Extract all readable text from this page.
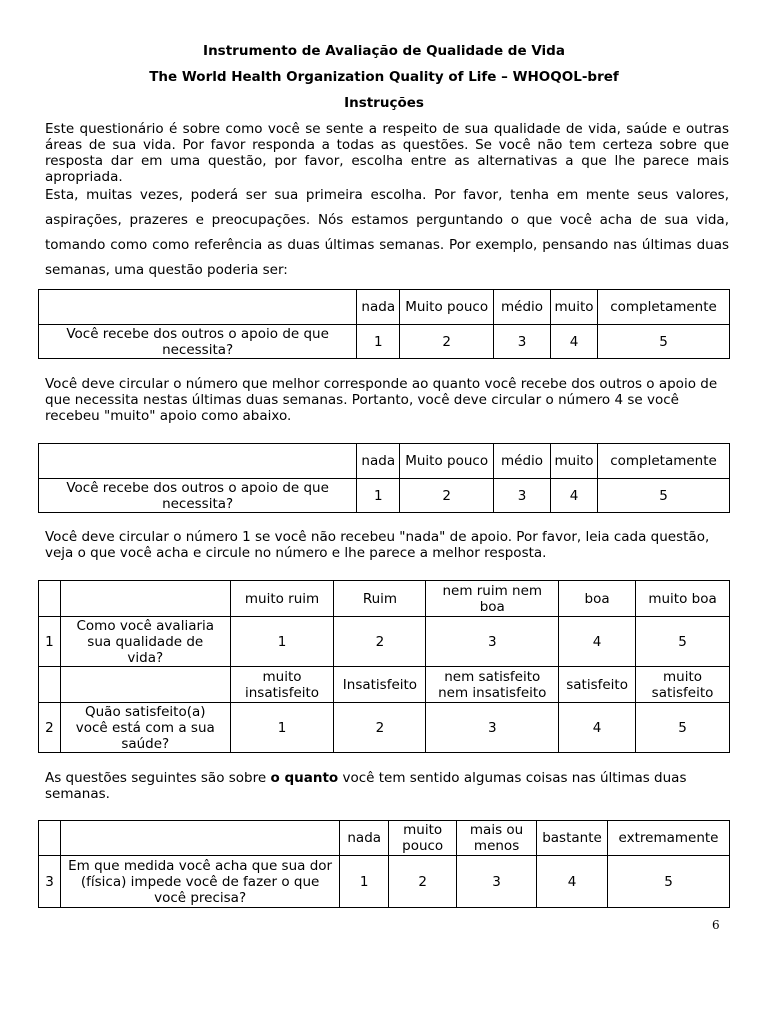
Instrumento de Avaliação de Qualidade de Vida
The World Health Organization Quality of Life – WHOQOL-bref
Instruções
Este questionário é sobre como você se sente a respeito de sua qualidade de vida, saúde e outras áreas de sua vida. Por favor responda a todas as questões. Se você não tem certeza sobre que resposta dar em uma questão, por favor, escolha entre as alternativas a que lhe parece mais apropriada.
Esta, muitas vezes, poderá ser sua primeira escolha. Por favor, tenha em mente seus valores, aspirações, prazeres e preocupações. Nós estamos perguntando o que você acha de sua vida, tomando como como referência as duas últimas semanas. Por exemplo, pensando nas últimas duas semanas, uma questão poderia ser:
	nada	Muito pouco	médio	muito	completamente
Você recebe dos outros o apoio de que necessita?	1	2	3	4	5
Você deve circular o número que melhor corresponde ao quanto você recebe dos outros o apoio de que necessita nestas últimas duas semanas. Portanto, você deve circular o número 4 se você recebeu "muito" apoio como abaixo.
	nada	Muito pouco	médio	muito	completamente
Você recebe dos outros o apoio de que necessita?	1	2	3	4	5
Você deve circular o número 1 se você não recebeu "nada" de apoio. Por favor, leia cada questão, veja o que você acha e circule no número e lhe parece a melhor resposta.
		muito ruim	Ruim	nem ruim nem boa	boa	muito boa
1	Como você avaliaria sua qualidade de vida?	1	2	3	4	5
		muito insatisfeito	Insatisfeito	nem satisfeito nem insatisfeito	satisfeito	muito satisfeito
2	Quão satisfeito(a) você está com a sua saúde?	1	2	3	4	5
As questões seguintes são sobre o quanto você tem sentido algumas coisas nas últimas duas semanas.
		nada	muito pouco	mais ou menos	bastante	extremamente
3	Em que medida você acha que sua dor (física) impede você de fazer o que você precisa?	1	2	3	4	5
6
